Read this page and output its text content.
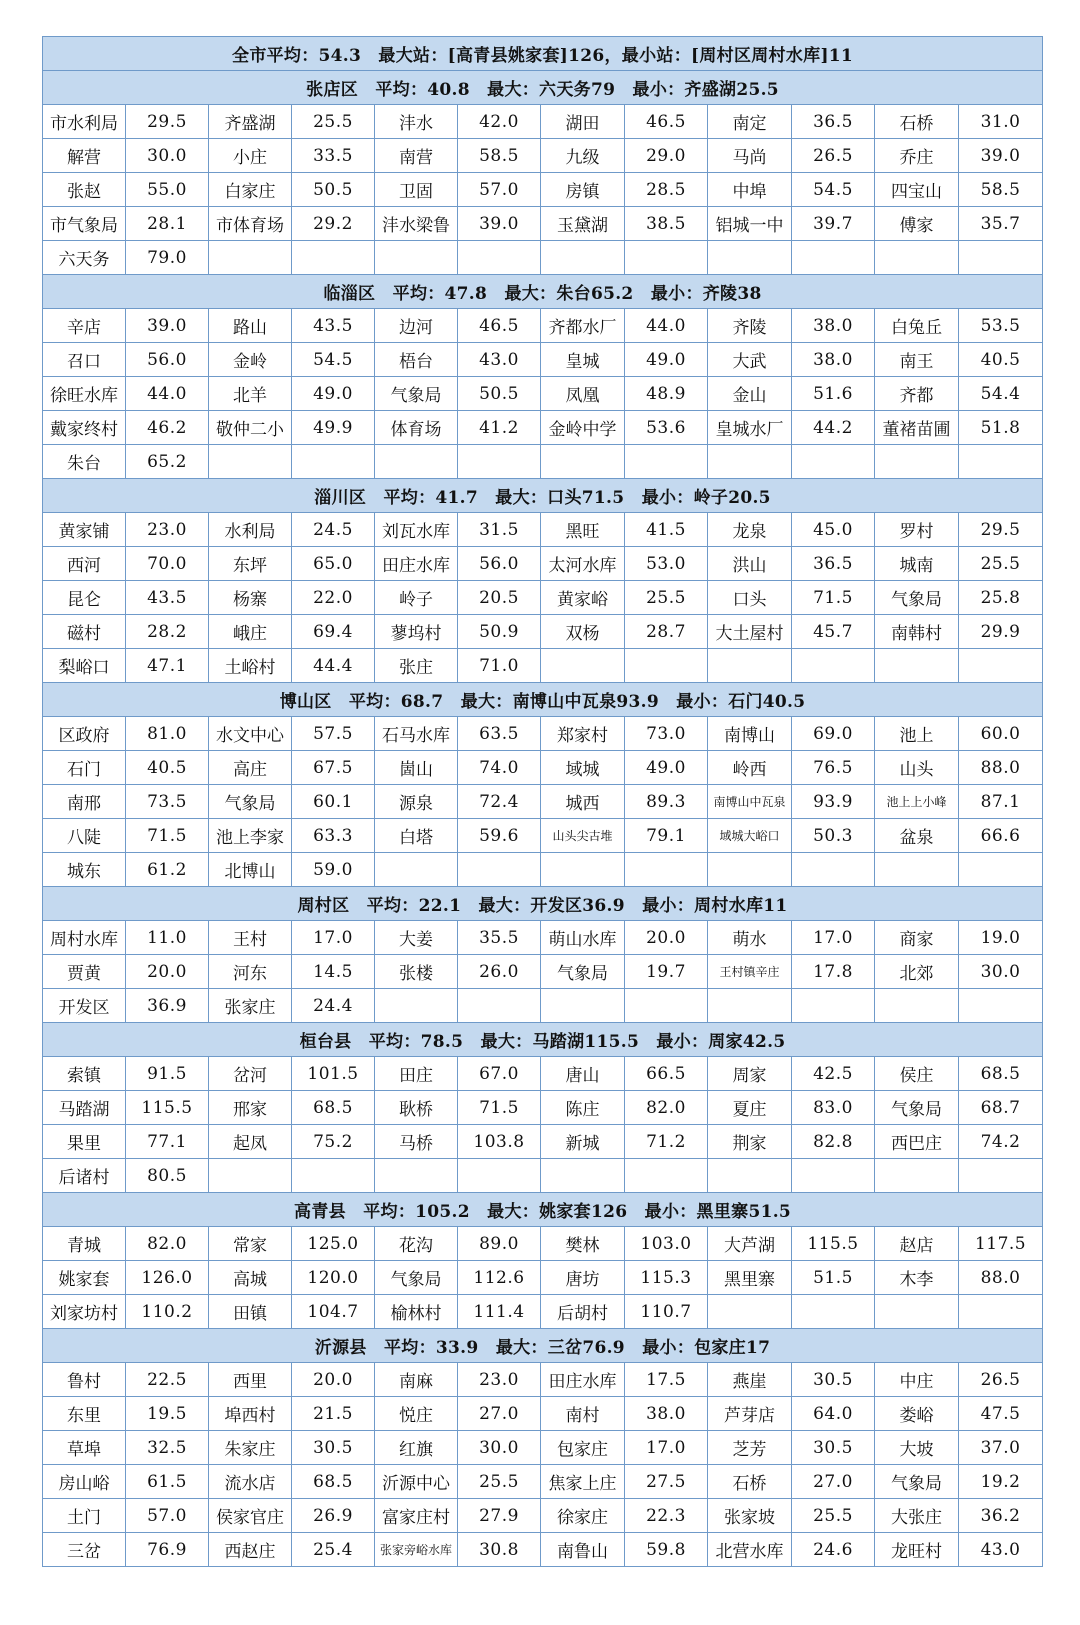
全市平均：54.3　最大站：[高青县姚家套]126，最小站：[周村区周村水库]11											
张店区　平均：40.8　最大：六天务79　最小：齐盛湖25.5											
市水利局	29.5	齐盛湖	25.5	沣水	42.0	湖田	46.5	南定	36.5	石桥	31.0
解营	30.0	小庄	33.5	南营	58.5	九级	29.0	马尚	26.5	乔庄	39.0
张赵	55.0	白家庄	50.5	卫固	57.0	房镇	28.5	中埠	54.5	四宝山	58.5
市气象局	28.1	市体育场	29.2	沣水梁鲁	39.0	玉黛湖	38.5	铝城一中	39.7	傅家	35.7
六天务	79.0										
临淄区　平均：47.8　最大：朱台65.2　最小：齐陵38											
辛店	39.0	路山	43.5	边河	46.5	齐都水厂	44.0	齐陵	38.0	白兔丘	53.5
召口	56.0	金岭	54.5	梧台	43.0	皇城	49.0	大武	38.0	南王	40.5
徐旺水库	44.0	北羊	49.0	气象局	50.5	凤凰	48.9	金山	51.6	齐都	54.4
戴家终村	46.2	敬仲二小	49.9	体育场	41.2	金岭中学	53.6	皇城水厂	44.2	董褚苗圃	51.8
朱台	65.2										
淄川区　平均：41.7　最大：口头71.5　最小：岭子20.5											
黄家铺	23.0	水利局	24.5	刘瓦水库	31.5	黑旺	41.5	龙泉	45.0	罗村	29.5
西河	70.0	东坪	65.0	田庄水库	56.0	太河水库	53.0	洪山	36.5	城南	25.5
昆仑	43.5	杨寨	22.0	岭子	20.5	黄家峪	25.5	口头	71.5	气象局	25.8
磁村	28.2	峨庄	69.4	蓼坞村	50.9	双杨	28.7	大土屋村	45.7	南韩村	29.9
梨峪口	47.1	土峪村	44.4	张庄	71.0						
博山区　平均：68.7　最大：南博山中瓦泉93.9　最小：石门40.5											
区政府	81.0	水文中心	57.5	石马水库	63.5	郑家村	73.0	南博山	69.0	池上	60.0
石门	40.5	高庄	67.5	崮山	74.0	域城	49.0	岭西	76.5	山头	88.0
南邢	73.5	气象局	60.1	源泉	72.4	城西	89.3	南博山中瓦泉	93.9	池上上小峰	87.1
八陡	71.5	池上李家	63.3	白塔	59.6	山头尖古堆	79.1	域城大峪口	50.3	盆泉	66.6
城东	61.2	北博山	59.0								
周村区　平均：22.1　最大：开发区36.9　最小：周村水库11											
周村水库	11.0	王村	17.0	大姜	35.5	萌山水库	20.0	萌水	17.0	商家	19.0
贾黄	20.0	河东	14.5	张楼	26.0	气象局	19.7	王村镇辛庄	17.8	北郊	30.0
开发区	36.9	张家庄	24.4								
桓台县　平均：78.5　最大：马踏湖115.5　最小：周家42.5											
索镇	91.5	岔河	101.5	田庄	67.0	唐山	66.5	周家	42.5	侯庄	68.5
马踏湖	115.5	邢家	68.5	耿桥	71.5	陈庄	82.0	夏庄	83.0	气象局	68.7
果里	77.1	起凤	75.2	马桥	103.8	新城	71.2	荆家	82.8	西巴庄	74.2
后诸村	80.5										
高青县　平均：105.2　最大：姚家套126　最小：黑里寨51.5											
青城	82.0	常家	125.0	花沟	89.0	樊林	103.0	大芦湖	115.5	赵店	117.5
姚家套	126.0	高城	120.0	气象局	112.6	唐坊	115.3	黑里寨	51.5	木李	88.0
刘家坊村	110.2	田镇	104.7	榆林村	111.4	后胡村	110.7				
沂源县　平均：33.9　最大：三岔76.9　最小：包家庄17											
鲁村	22.5	西里	20.0	南麻	23.0	田庄水库	17.5	燕崖	30.5	中庄	26.5
东里	19.5	埠西村	21.5	悦庄	27.0	南村	38.0	芦芽店	64.0	娄峪	47.5
草埠	32.5	朱家庄	30.5	红旗	30.0	包家庄	17.0	芝芳	30.5	大坡	37.0
房山峪	61.5	流水店	68.5	沂源中心	25.5	焦家上庄	27.5	石桥	27.0	气象局	19.2
土门	57.0	侯家官庄	26.9	富家庄村	27.9	徐家庄	22.3	张家坡	25.5	大张庄	36.2
三岔	76.9	西赵庄	25.4	张家旁峪水库	30.8	南鲁山	59.8	北营水库	24.6	龙旺村	43.0
